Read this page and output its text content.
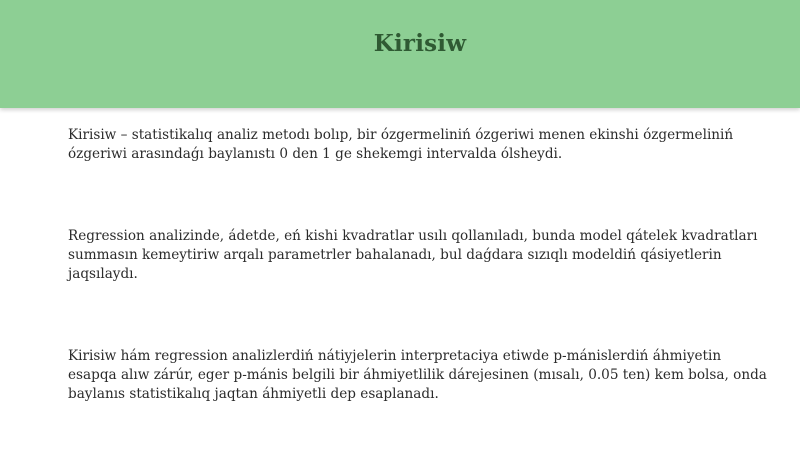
Kirisiw

Kirisiw – statistikalıq analiz metodı bolıp, bir ózgermeliniń ózgeriwi menen ekinshi ózgermeliniń ózgeriwi arasındaǵı baylanıstı 0 den 1 ge shekemgi intervalda ólsheydi.

Regression analizinde, ádetde, eń kishi kvadratlar usılı qollanıladı, bunda model qátelek kvadratları summasın kemeytiriw arqalı parametrler bahalanadı, bul daǵdara sızıqlı modeldiń qásiyetlerin jaqsılaydı.

Kirisiw hám regression analizlerdiń nátiyjelerin interpretaciya etiwde p-mánislerdiń áhmiyetin esapqa alıw zárúr, eger p-mánis belgili bir áhmiyetlilik dárejesinen (mısalı, 0.05 ten) kem bolsa, onda baylanıs statistikalıq jaqtan áhmiyetli dep esaplanadı.
